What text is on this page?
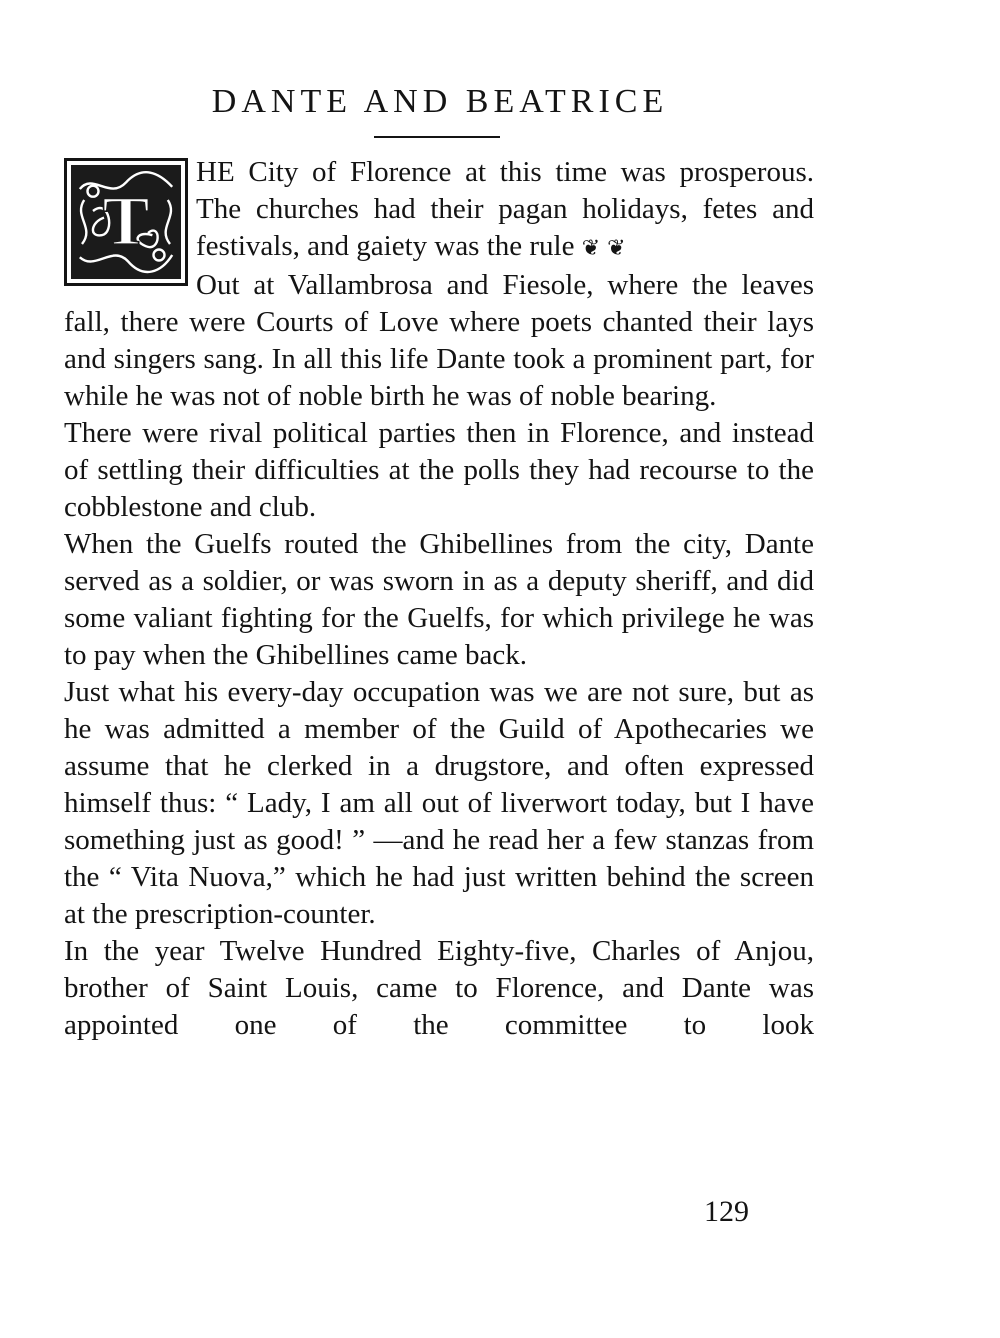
DANTE AND BEATRICE
T

HE City of Florence at this time was prosperous. The churches had their pagan holidays, fetes and festivals, and gaiety was the rule ❦ ❦

Out at Vallambrosa and Fiesole, where the leaves fall, there were Courts of Love where poets chanted their lays and singers sang. In all this life Dante took a prominent part, for while he was not of noble birth he was of noble bearing.

There were rival political parties then in Florence, and instead of settling their difficulties at the polls they had recourse to the cobblestone and club.

When the Guelfs routed the Ghibellines from the city, Dante served as a soldier, or was sworn in as a deputy sheriff, and did some valiant fighting for the Guelfs, for which privilege he was to pay when the Ghibellines came back.

Just what his every-day occupation was we are not sure, but as he was admitted a member of the Guild of Apothecaries we assume that he clerked in a drugstore, and often expressed himself thus: “ Lady, I am all out of liverwort today, but I have something just as good! ” —and he read her a few stanzas from the “ Vita Nuova,” which he had just written behind the screen at the prescription-counter.

In the year Twelve Hundred Eighty-five, Charles of Anjou, brother of Saint Louis, came to Florence, and Dante was appointed one of the committee to look

129
